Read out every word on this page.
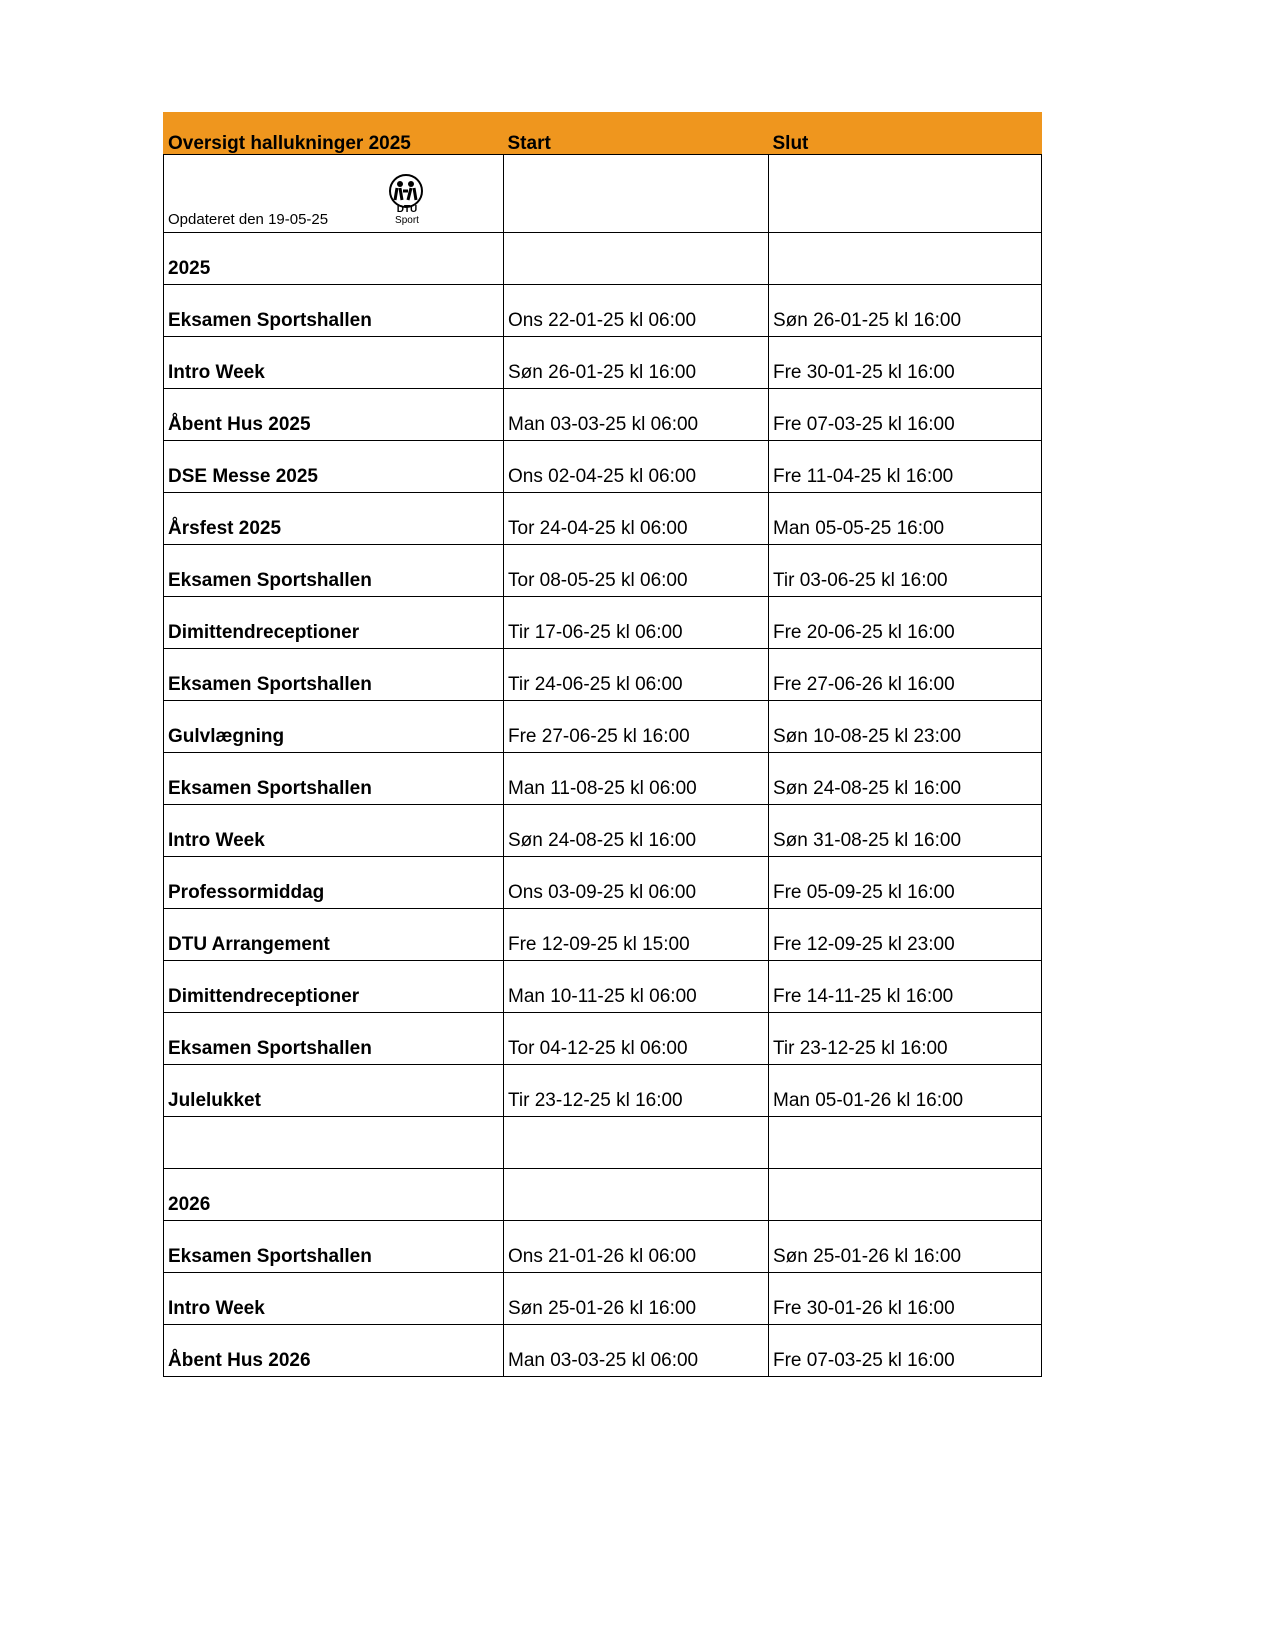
Oversigt hallukninger 2025	Start	Slut
Opdateret den 19-05-25
DTU
Sport		

2025		
Eksamen Sportshallen	Ons 22-01-25 kl 06:00	Søn 26-01-25 kl 16:00
Intro Week	Søn 26-01-25 kl 16:00	Fre 30-01-25 kl 16:00
Åbent Hus 2025	Man 03-03-25 kl 06:00	Fre 07-03-25 kl 16:00
DSE Messe 2025	Ons 02-04-25 kl 06:00	Fre 11-04-25 kl 16:00
Årsfest 2025	Tor 24-04-25 kl 06:00	Man 05-05-25 16:00
Eksamen Sportshallen	Tor 08-05-25 kl 06:00	Tir 03-06-25 kl 16:00
Dimittendreceptioner	Tir 17-06-25 kl 06:00	Fre 20-06-25 kl 16:00
Eksamen Sportshallen	Tir 24-06-25 kl 06:00	Fre 27-06-26 kl 16:00
Gulvlægning	Fre 27-06-25 kl 16:00	Søn 10-08-25 kl 23:00
Eksamen Sportshallen	Man 11-08-25 kl 06:00	Søn 24-08-25 kl 16:00
Intro Week	Søn 24-08-25 kl 16:00	Søn 31-08-25 kl 16:00
Professormiddag	Ons 03-09-25 kl 06:00	Fre 05-09-25 kl 16:00
DTU Arrangement	Fre 12-09-25 kl 15:00	Fre 12-09-25 kl 23:00
Dimittendreceptioner	Man 10-11-25 kl 06:00	Fre 14-11-25 kl 16:00
Eksamen Sportshallen	Tor 04-12-25 kl 06:00	Tir 23-12-25 kl 16:00
Julelukket	Tir 23-12-25 kl 16:00	Man 05-01-26 kl 16:00

2026		
Eksamen Sportshallen	Ons 21-01-26 kl 06:00	Søn 25-01-26 kl 16:00
Intro Week	Søn 25-01-26 kl 16:00	Fre 30-01-26 kl 16:00
Åbent Hus 2026	Man 03-03-25 kl 06:00	Fre 07-03-25 kl 16:00
